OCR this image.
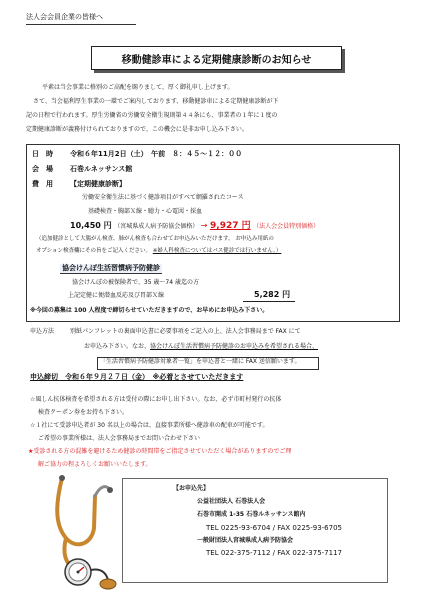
法人会会員企業の皆様へ
移動健診車による定期健康診断のお知らせ
平素は当会事業に格別のご高配を賜りまして、厚く御礼申し上げます。
さて、当会福利厚生事業の一環でご案内しております、移動健診車による定期健康診断が下
記の日程で行われます。厚生労働省の労働安全衛生規則第４４条にも、事業者の１年に１度の
定期健康診断が義務付けられておりますので、この機会に是非お申し込み下さい。
日　時 令和６年11月2日（土）　午前　８：４５～１２：００
会　場 石巻ルネッサンス館
費　用 【定期健康診断】
労働安全衛生法に基づく健診項目がすべて網羅されたコース
基礎検査・胸部Ｘ線・聴力・心電図・採血
10,450 円 （宮城県成人病予防協会価格） → 9,927 円 （法人会会員特別価格）
（追加健診として大腸がん検査、肺がん検査も合わせてお申込みいただけます。 お申込み用紙の
オプション検査欄にその旨をご記入ください。 ※婦人科検査についてはバス健診では行いません。）
協会けんぽ生活習慣病予防健診
協会けんぽの被保険者で、35 歳～74 歳迄の方
上記定健に便潜血反応及び胃部Ｘ線	5,282 円
※今回の募集は 100 人程度で締切らせていただきますので、お早めにお申込み下さい。
申込方法	別紙パンフレットの裏面申込書に必要事項をご記入の上、法人会事務局まで FAX にて
お申込み下さい。なお、協会けんぽ生活習慣病予防健診のお申込みを希望される場合、
「生活習慣病予防健診対象者一覧」を申込書と一緒に FAX 送信願います。
申込締切　令和６年９月２７日（金）　※必着とさせていただきます
☆風しん抗体検査を希望される方は受付の際にお申し出下さい。なお、必ず市町村発行の抗体
検査クーポン券をお持ち下さい。
☆１社にて受診申込者が 30 名以上の場合は、直接事業所様へ健診車の配車が可能です。
ご希望の事業所様は、法人会事務局までお問い合わせ下さい
★受診される方の混雑を避けるため健診の時間帯をご指定させていただく場合がありますのでご理
解ご協力の程よろしくお願いいたします。
【お申込先】
公益社団法人 石巻法人会
石巻市開成 1-35 石巻ルネッサンス館内
TEL 0225-93-6704 / FAX 0225-93-6705
一般財団法人宮城県成人病予防協会
TEL 022-375-7112 / FAX 022-375-7117
